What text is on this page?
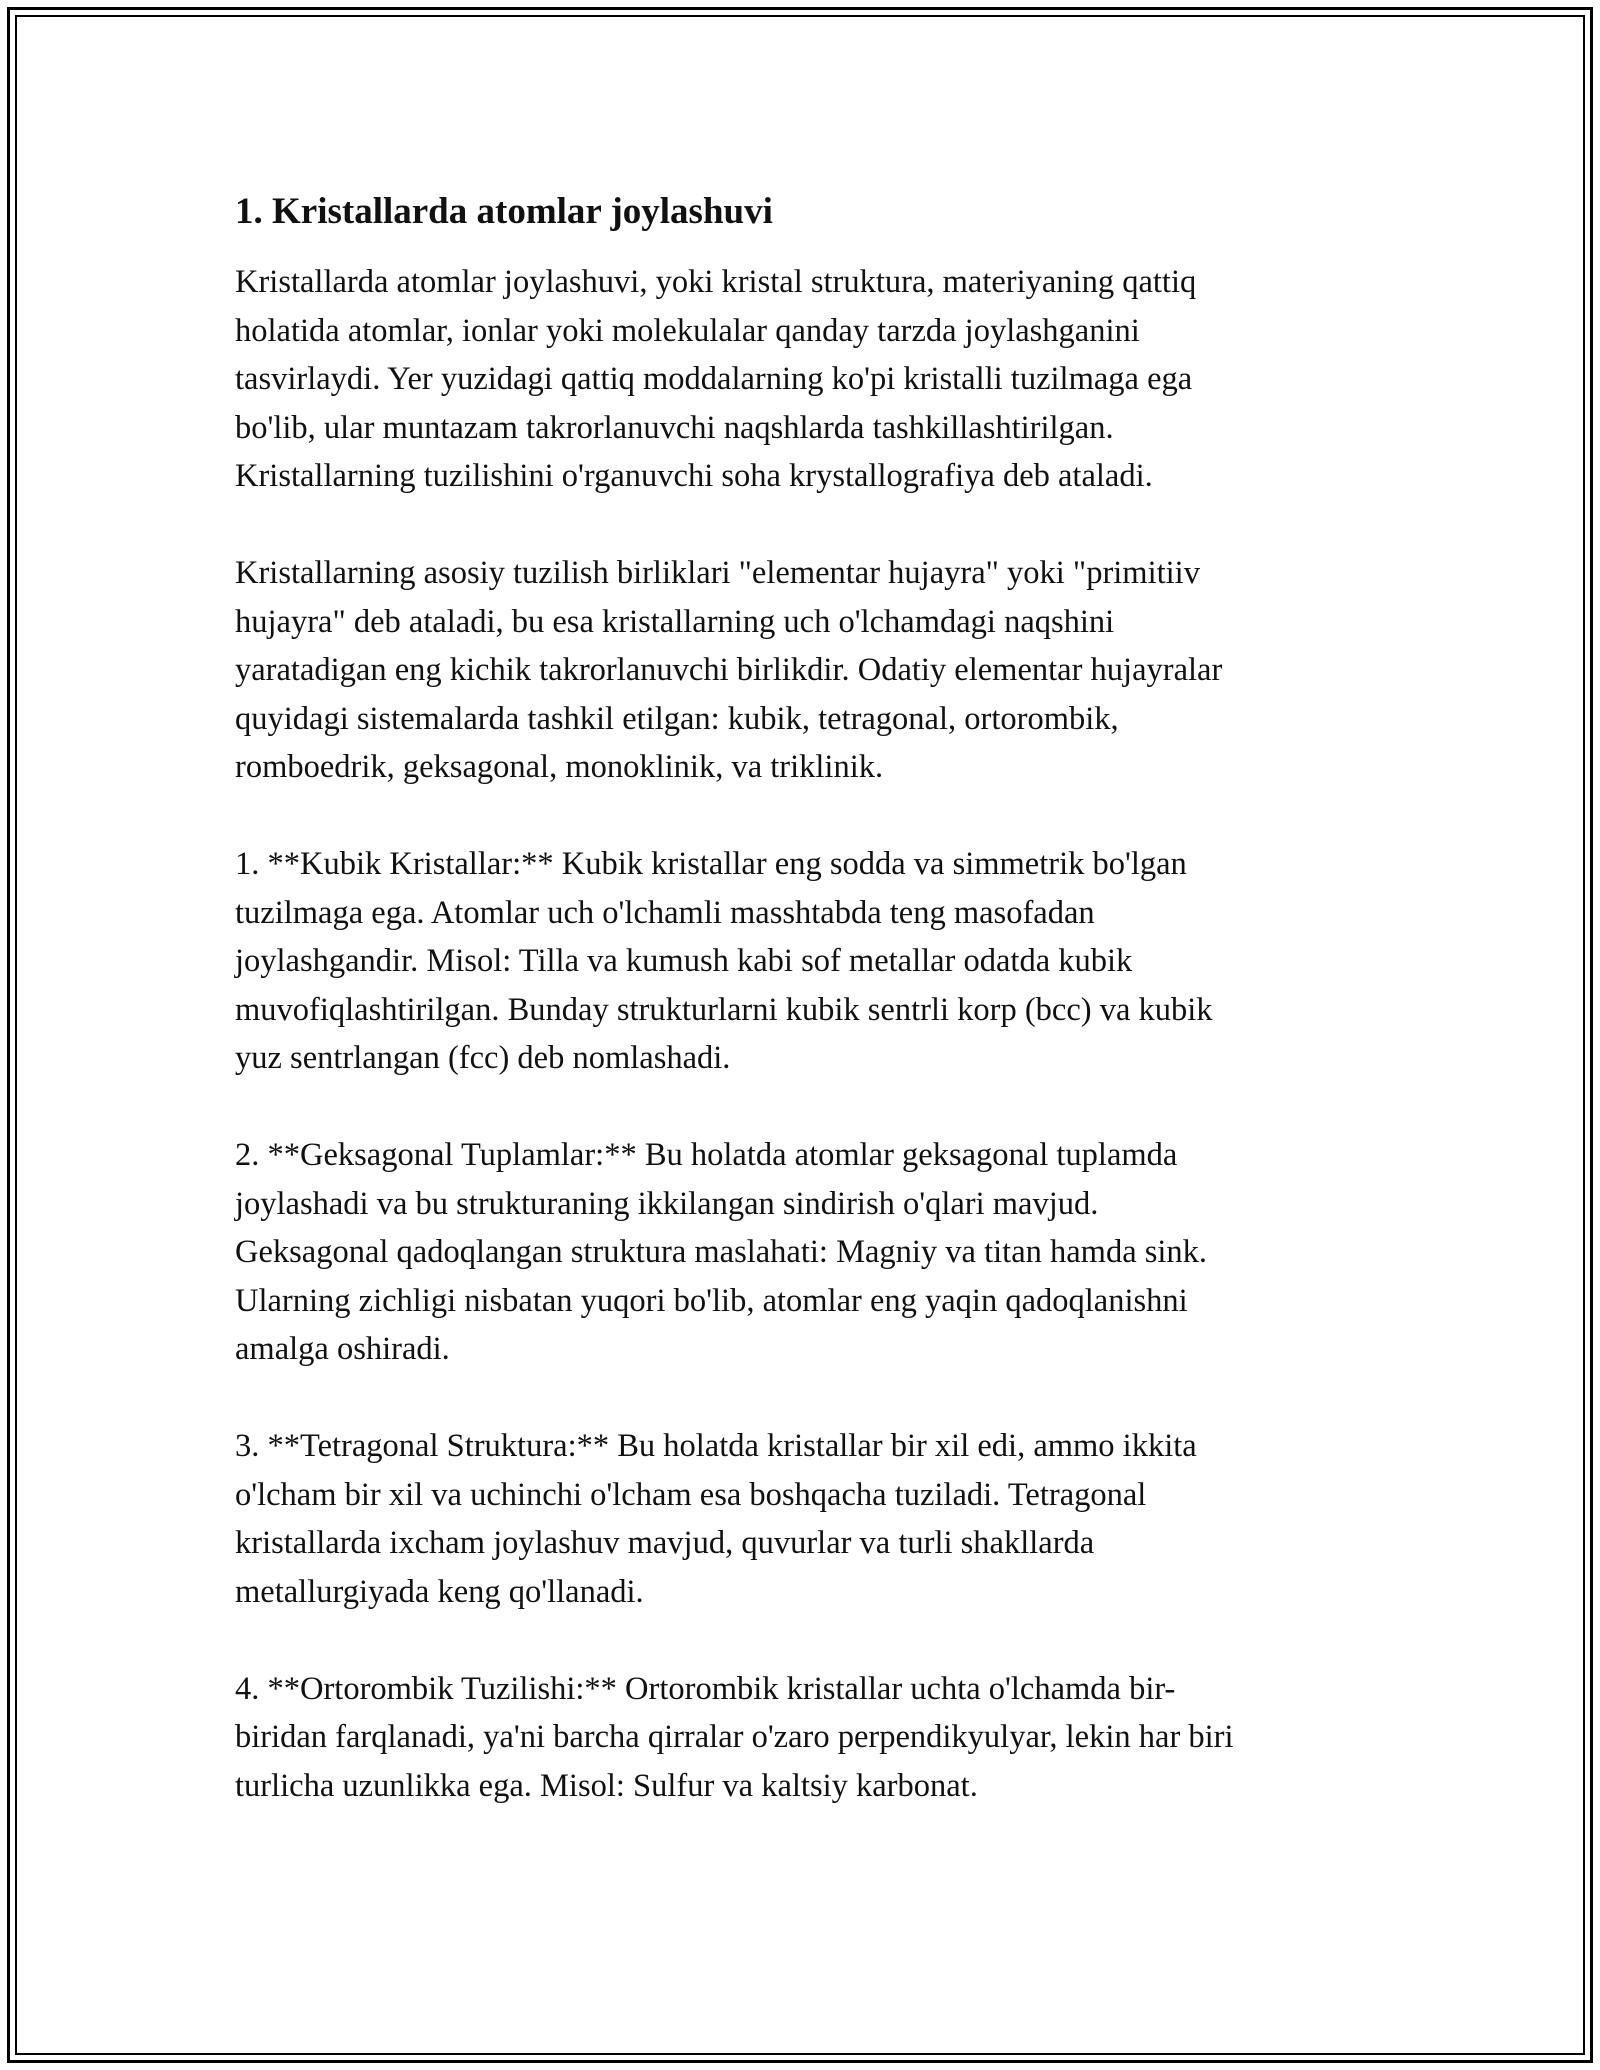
1. Kristallarda atomlar joylashuvi
Kristallarda atomlar joylashuvi, yoki kristal struktura, materiyaning qattiq
holatida atomlar, ionlar yoki molekulalar qanday tarzda joylashganini
tasvirlaydi. Yer yuzidagi qattiq moddalarning ko'pi kristalli tuzilmaga ega
bo'lib, ular muntazam takrorlanuvchi naqshlarda tashkillashtirilgan.
Kristallarning tuzilishini o'rganuvchi soha krystallografiya deb ataladi.
Kristallarning asosiy tuzilish birliklari "elementar hujayra" yoki "primitiiv
hujayra" deb ataladi, bu esa kristallarning uch o'lchamdagi naqshini
yaratadigan eng kichik takrorlanuvchi birlikdir. Odatiy elementar hujayralar
quyidagi sistemalarda tashkil etilgan: kubik, tetragonal, ortorombik,
romboedrik, geksagonal, monoklinik, va triklinik.
1. **Kubik Kristallar:** Kubik kristallar eng sodda va simmetrik bo'lgan
tuzilmaga ega. Atomlar uch o'lchamli masshtabda teng masofadan
joylashgandir. Misol: Tilla va kumush kabi sof metallar odatda kubik
muvofiqlashtirilgan. Bunday strukturlarni kubik sentrli korp (bcc) va kubik
yuz sentrlangan (fcc) deb nomlashadi.
2. **Geksagonal Tuplamlar:** Bu holatda atomlar geksagonal tuplamda
joylashadi va bu strukturaning ikkilangan sindirish o'qlari mavjud.
Geksagonal qadoqlangan struktura maslahati: Magniy va titan hamda sink.
Ularning zichligi nisbatan yuqori bo'lib, atomlar eng yaqin qadoqlanishni
amalga oshiradi.
3. **Tetragonal Struktura:** Bu holatda kristallar bir xil edi, ammo ikkita
o'lcham bir xil va uchinchi o'lcham esa boshqacha tuziladi. Tetragonal
kristallarda ixcham joylashuv mavjud, quvurlar va turli shakllarda
metallurgiyada keng qo'llanadi.
4. **Ortorombik Tuzilishi:** Ortorombik kristallar uchta o'lchamda bir-
biridan farqlanadi, ya'ni barcha qirralar o'zaro perpendikyulyar, lekin har biri
turlicha uzunlikka ega. Misol: Sulfur va kaltsiy karbonat.
